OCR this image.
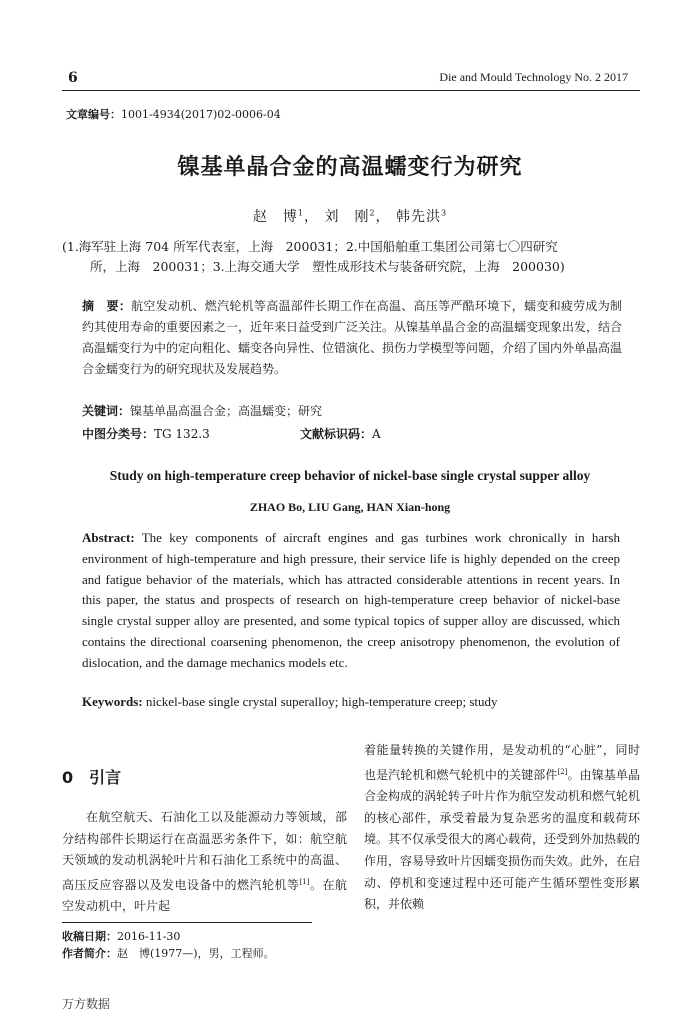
6	Die and Mould Technology No. 2 2017
文章编号：1001-4934(2017)02-0006-04
镍基单晶合金的高温蠕变行为研究
赵　博$^1$， 刘　刚$^2$， 韩先洪$^3$
(1.海军驻上海 704 所军代表室，上海　200031；2.中国船舶重工集团公司第七〇四研究
所，上海　200031；3.上海交通大学　塑性成形技术与装备研究院，上海　200030)
摘　要：航空发动机、燃汽轮机等高温部件长期工作在高温、高压等严酷环境下，蠕变和疲劳成为制约其使用寿命的重要因素之一，近年来日益受到广泛关注。从镍基单晶合金的高温蠕变现象出发，结合高温蠕变行为中的定向粗化、蠕变各向异性、位错演化、损伤力学模型等问题，介绍了国内外单晶高温合金蠕变行为的研究现状及发展趋势。
关键词：镍基单晶高温合金；高温蠕变；研究
中图分类号：TG 132.3	文献标识码：A
Study on high-temperature creep behavior of nickel-base single crystal supper alloy
ZHAO Bo, LIU Gang, HAN Xian-hong
Abstract: The key components of aircraft engines and gas turbines work chronically in harsh environment of high-temperature and high pressure, their service life is highly depended on the creep and fatigue behavior of the materials, which has attracted considerable attentions in recent years. In this paper, the status and prospects of research on high-temperature creep behavior of nickel-base single crystal supper alloy are presented, and some typical topics of supper alloy are discussed, which contains the directional coarsening phenomenon, the creep anisotropy phenomenon, the evolution of dislocation, and the damage mechanics models etc.
Keywords: nickel-base single crystal superalloy; high-temperature creep; study
0 引言
在航空航天、石油化工以及能源动力等领域，部分结构部件长期运行在高温恶劣条件下，如：航空航天领域的发动机涡轮叶片和石油化工系统中的高温、高压反应容器以及发电设备中的燃汽轮机等[1]。在航空发动机中，叶片起
着能量转换的关键作用，是发动机的“心脏”，同时也是汽轮机和燃气轮机中的关键部件[2]。由镍基单晶合金构成的涡轮转子叶片作为航空发动机和燃气轮机的核心部件，承受着最为复杂恶劣的温度和载荷环境。其不仅承受很大的离心载荷，还受到外加热载的作用，容易导致叶片因蠕变损伤而失效。此外，在启动、停机和变速过程中还可能产生循环塑性变形累积，并依赖
收稿日期：2016-11-30
作者简介：赵　博(1977—)，男，工程师。
万方数据
